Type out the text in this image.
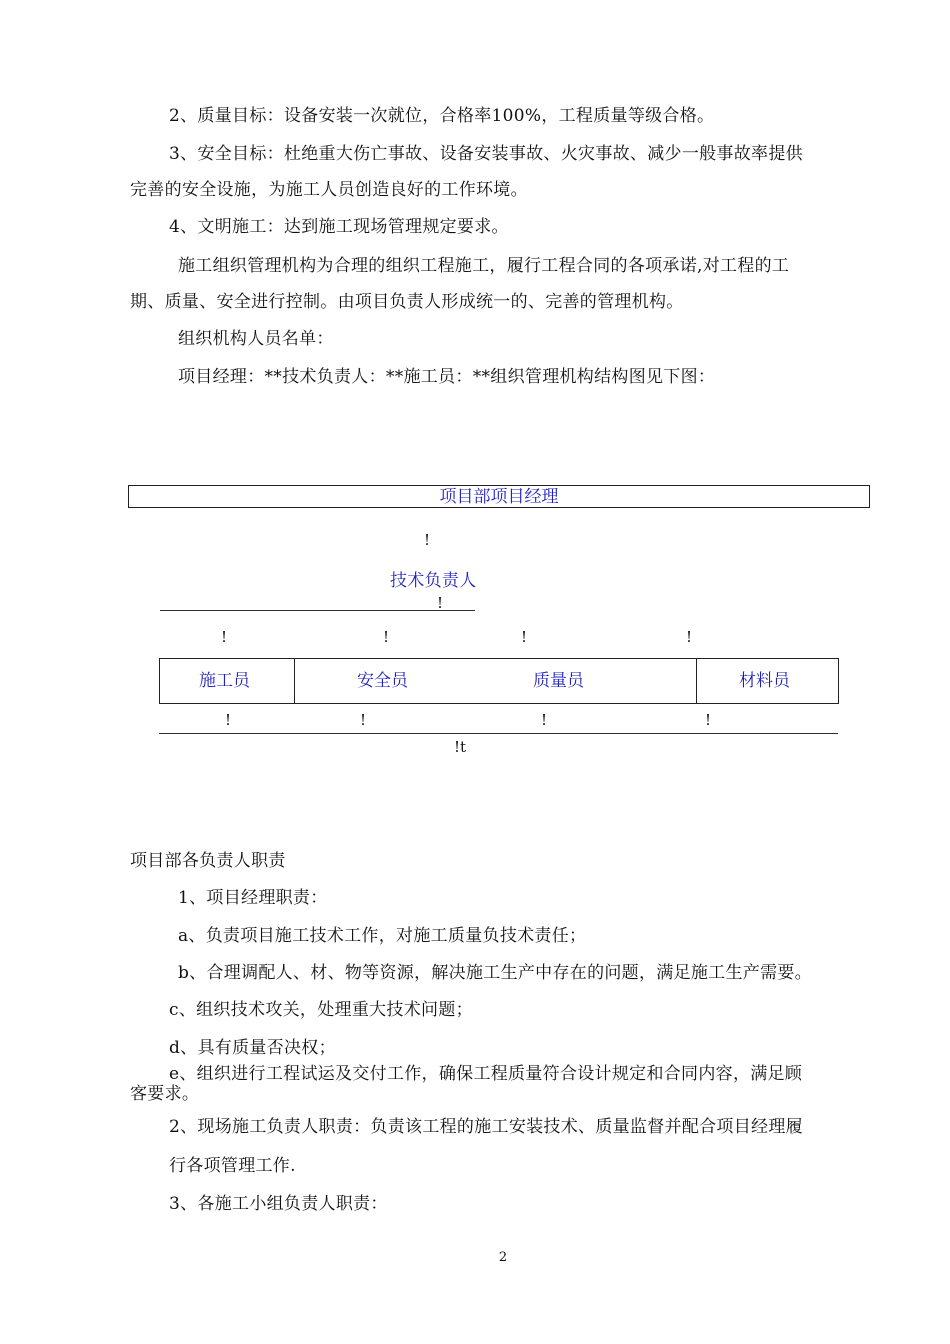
2、质量目标：设备安装一次就位，合格率100%，工程质量等级合格。
3、安全目标：杜绝重大伤亡事故、设备安装事故、火灾事故、减少一般事故率提供
完善的安全设施，为施工人员创造良好的工作环境。
4、文明施工：达到施工现场管理规定要求。
施工组织管理机构为合理的组织工程施工，履行工程合同的各项承诺,对工程的工
期、质量、安全进行控制。由项目负责人形成统一的、完善的管理机构。
组织机构人员名单：
项目经理：**技术负责人：**施工员：**组织管理机构结构图见下图：
项目部项目经理
!
技术负责人
!
!	!	!	!
施工员	安全员	质量员	材料员
!	!	!	!
!t
项目部各负责人职责
1、项目经理职责：
a、负责项目施工技术工作，对施工质量负技术责任；
b、合理调配人、材、物等资源，解决施工生产中存在的问题，满足施工生产需要。
c、组织技术攻关，处理重大技术问题；
d、具有质量否决权；
e、组织进行工程试运及交付工作，确保工程质量符合设计规定和合同内容，满足顾
客要求。
2、现场施工负责人职责：负责该工程的施工安装技术、质量监督并配合项目经理履
行各项管理工作.
3、各施工小组负责人职责：
2
